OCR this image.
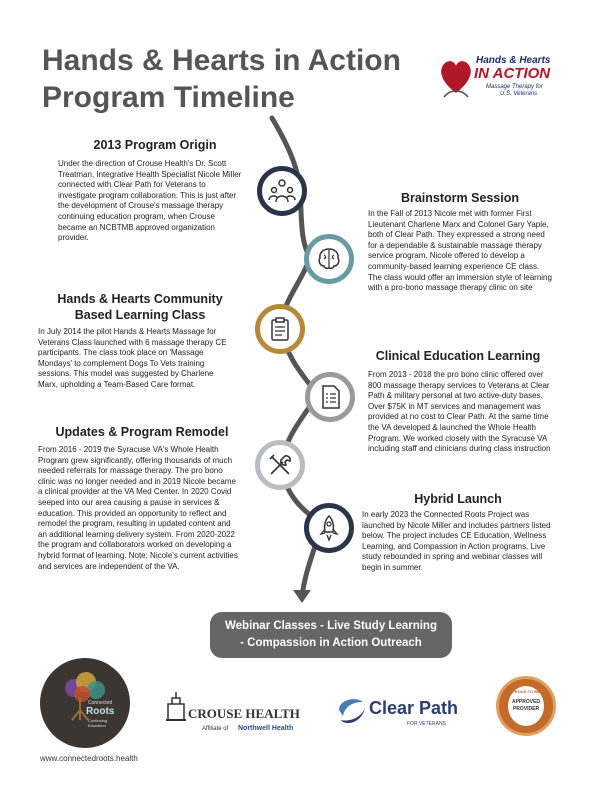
Hands & Hearts in Action
Program Timeline
Hands & Hearts
IN ACTION
Massage Therapy for
U.S. Veterans
2013 Program Origin
Under the direction of Crouse Health's Dr. Scott Treatman, Integrative Health Specialist Nicole Miller connected with Clear Path for Veterans to investigate program collaboration. This is just after the development of Crouse's massage therapy continuing education program, when Crouse became an NCBTMB approved organization provider.
Brainstorm Session
In the Fall of 2013 Nicole met with former First Lieutenant Charlene Marx and Colonel Gary Yaple, both of Clear Path. They expressed a strong need for a dependable & sustainable massage therapy service program. Nicole offered to develop a community-based learning experience CE class. The class would offer an immersion style of learning with a pro-bono massage therapy clinic on site
Hands & Hearts Community Based Learning Class
In July 2014 the pilot Hands & Hearts Massage for Veterans Class launched with 6 massage therapy CE participants. The class took place on 'Massage Mondays' to complement Dogs To Vets training sessions. This model was suggested by Charlene Marx, upholding a Team-Based Care format.
Clinical Education Learning
From 2013 - 2018 the pro bono clinic offered over 800 massage therapy services to Veterans at Clear Path & military personal at two active-duty bases. Over $75K in MT services and management was provided at no cost to Clear Path. At the same time the VA developed & launched the Whole Health Program. We worked closely with the Syracuse VA including staff and clinicians during class instruction
Updates & Program Remodel
From 2016 - 2019 the Syracuse VA's Whole Health Program grew significantly, offering thousands of much needed referrals for massage therapy. The pro bono clinic was no longer needed and in 2019 Nicole became a clinical provider at the VA Med Center. In 2020 Covid seeped into our area causing a pause in services & education. This provided an opportunity to reflect and remodel the program, resulting in updated content and an additional learning delivery system. From 2020-2022 the program and collaborators worked on developing a hybrid format of learning. Note: Nicole's current activities and services are independent of the VA.
Hybrid Launch
In early 2023 the Connected Roots Project was launched by Nicole Miller and includes partners listed below. The project includes CE Education, Wellness Learning, and Compassion in Action programs. Live study rebounded in spring and webinar classes will begin in summer.
Webinar Classes - Live Study Learning
- Compassion in Action Outreach
Connected
Roots
Continuing
Education
CROUSE HEALTH
Affiliate of Northwell Health
Clear Path
FOR VETERANS
PROUD TO BE
APPROVED
PROVIDER
www.connectedroots.health
